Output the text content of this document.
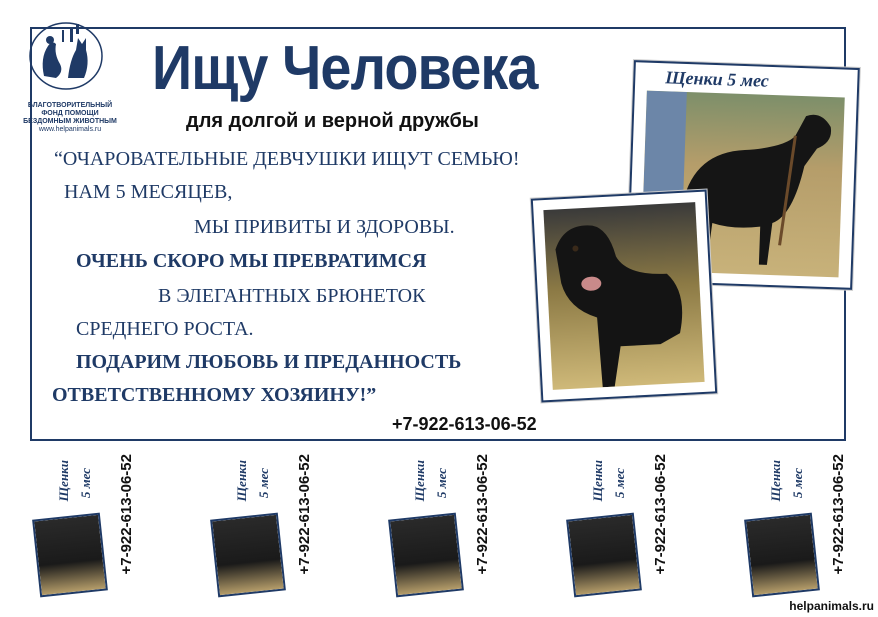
БЛАГОТВОРИТЕЛЬНЫЙ
ФОНД ПОМОЩИ
БЕЗДОМНЫМ ЖИВОТНЫМ
www.helpanimals.ru
Ищу Человека
для долгой и верной дружбы
“ОЧАРОВАТЕЛЬНЫЕ ДЕВЧУШКИ ИЩУТ СЕМЬЮ!
НАМ 5 МЕСЯЦЕВ,
МЫ ПРИВИТЫ И ЗДОРОВЫ.
ОЧЕНЬ СКОРО МЫ ПРЕВРАТИМСЯ
В ЭЛЕГАНТНЫХ БРЮНЕТОК
СРЕДНЕГО РОСТА.
ПОДАРИМ ЛЮБОВЬ И ПРЕДАННОСТЬ
ОТВЕТСТВЕННОМУ ХОЗЯИНУ!”
+7-922-613-06-52
Щенки 5 мес
Щенки 5 мес +7-922-613-06-52	Щенки 5 мес +7-922-613-06-52	Щенки 5 мес +7-922-613-06-52	Щенки 5 мес +7-922-613-06-52	Щенки 5 мес +7-922-613-06-52
helpanimals.ru
